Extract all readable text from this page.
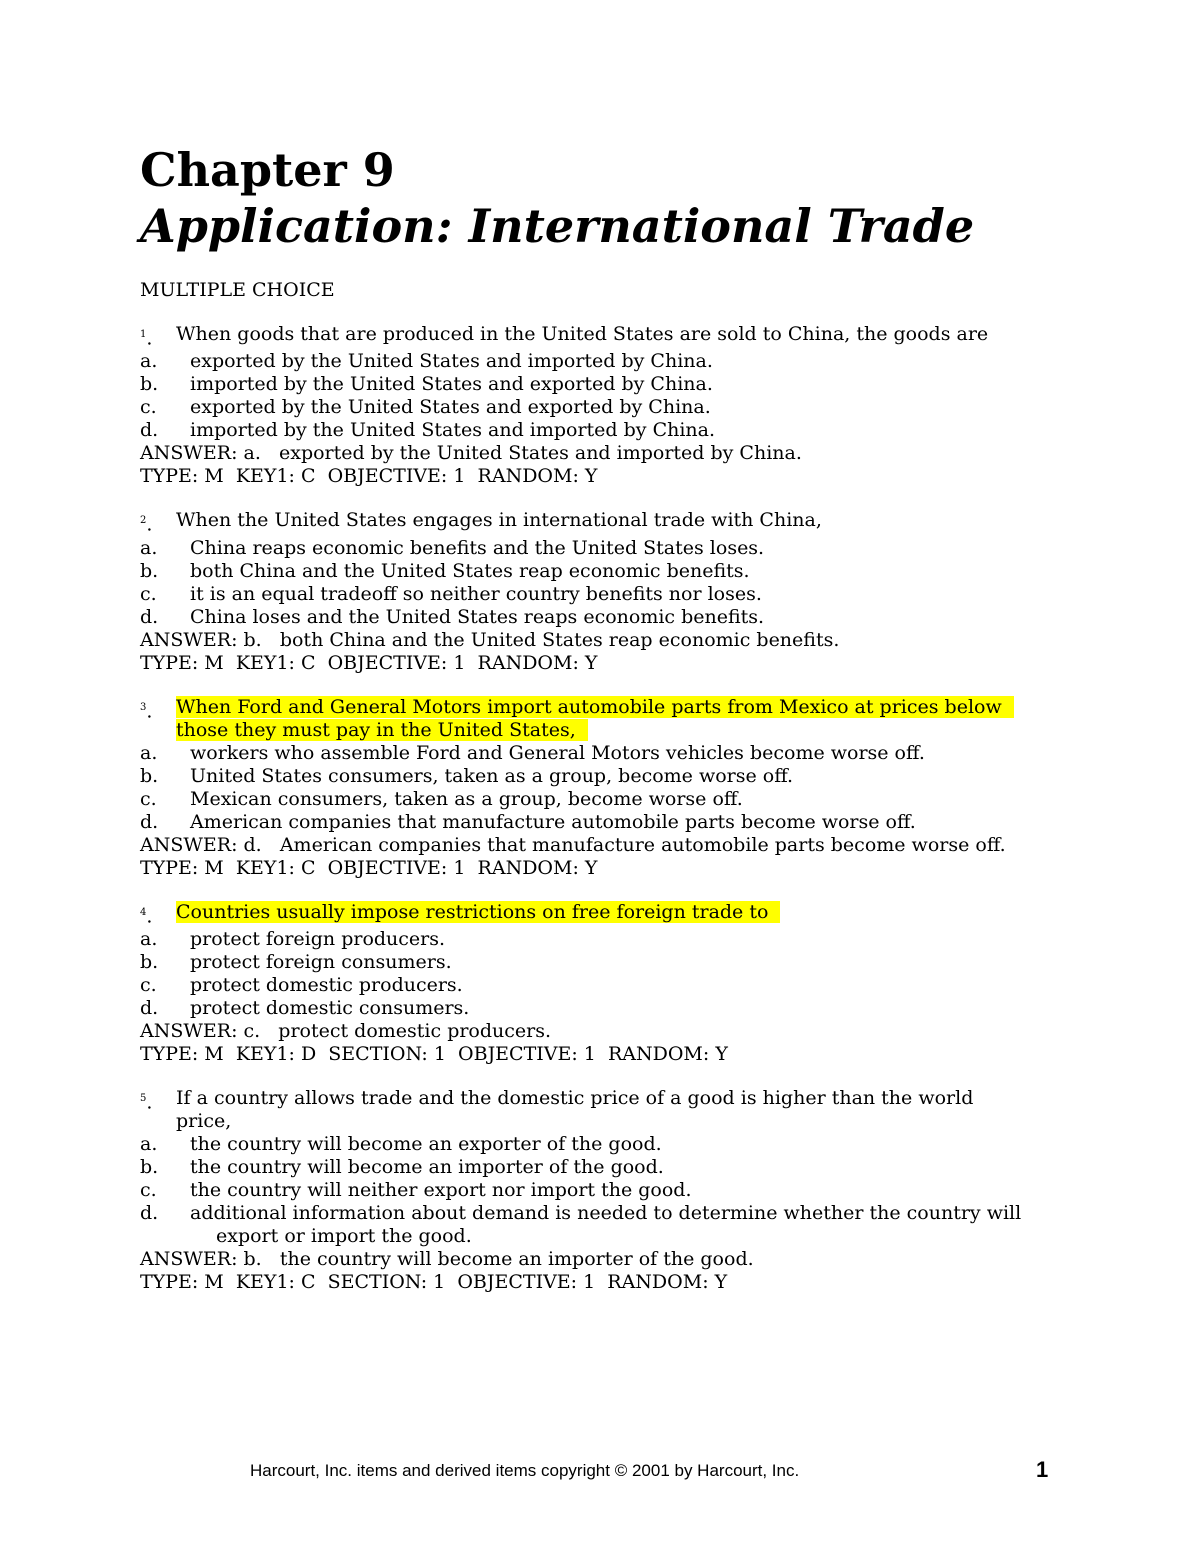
Chapter 9
Application: International Trade
MULTIPLE CHOICE
$^1$.	When goods that are produced in the United States are sold to China, the goods are
a.	exported by the United States and imported by China.
b.	imported by the United States and exported by China.
c.	exported by the United States and exported by China.
d.	imported by the United States and imported by China.
ANSWER: a.   exported by the United States and imported by China.
TYPE: M  KEY1: C  OBJECTIVE: 1  RANDOM: Y
$^2$.	When the United States engages in international trade with China,
a.	China reaps economic benefits and the United States loses.
b.	both China and the United States reap economic benefits.
c.	it is an equal tradeoff so neither country benefits nor loses.
d.	China loses and the United States reaps economic benefits.
ANSWER: b.   both China and the United States reap economic benefits.
TYPE: M  KEY1: C  OBJECTIVE: 1  RANDOM: Y
$^3$.	When Ford and General Motors import automobile parts from Mexico at prices below
those they must pay in the United States,
a.	workers who assemble Ford and General Motors vehicles become worse off.
b.	United States consumers, taken as a group, become worse off.
c.	Mexican consumers, taken as a group, become worse off.
d.	American companies that manufacture automobile parts become worse off.
ANSWER: d.   American companies that manufacture automobile parts become worse off.
TYPE: M  KEY1: C  OBJECTIVE: 1  RANDOM: Y
$^4$.	Countries usually impose restrictions on free foreign trade to
a.	protect foreign producers.
b.	protect foreign consumers.
c.	protect domestic producers.
d.	protect domestic consumers.
ANSWER: c.   protect domestic producers.
TYPE: M  KEY1: D  SECTION: 1  OBJECTIVE: 1  RANDOM: Y
$^5$.	If a country allows trade and the domestic price of a good is higher than the world
price,
a.	the country will become an exporter of the good.
b.	the country will become an importer of the good.
c.	the country will neither export nor import the good.
d.	additional information about demand is needed to determine whether the country will
export or import the good.
ANSWER: b.   the country will become an importer of the good.
TYPE: M  KEY1: C  SECTION: 1  OBJECTIVE: 1  RANDOM: Y
Harcourt, Inc. items and derived items copyright © 2001 by Harcourt, Inc.	1
